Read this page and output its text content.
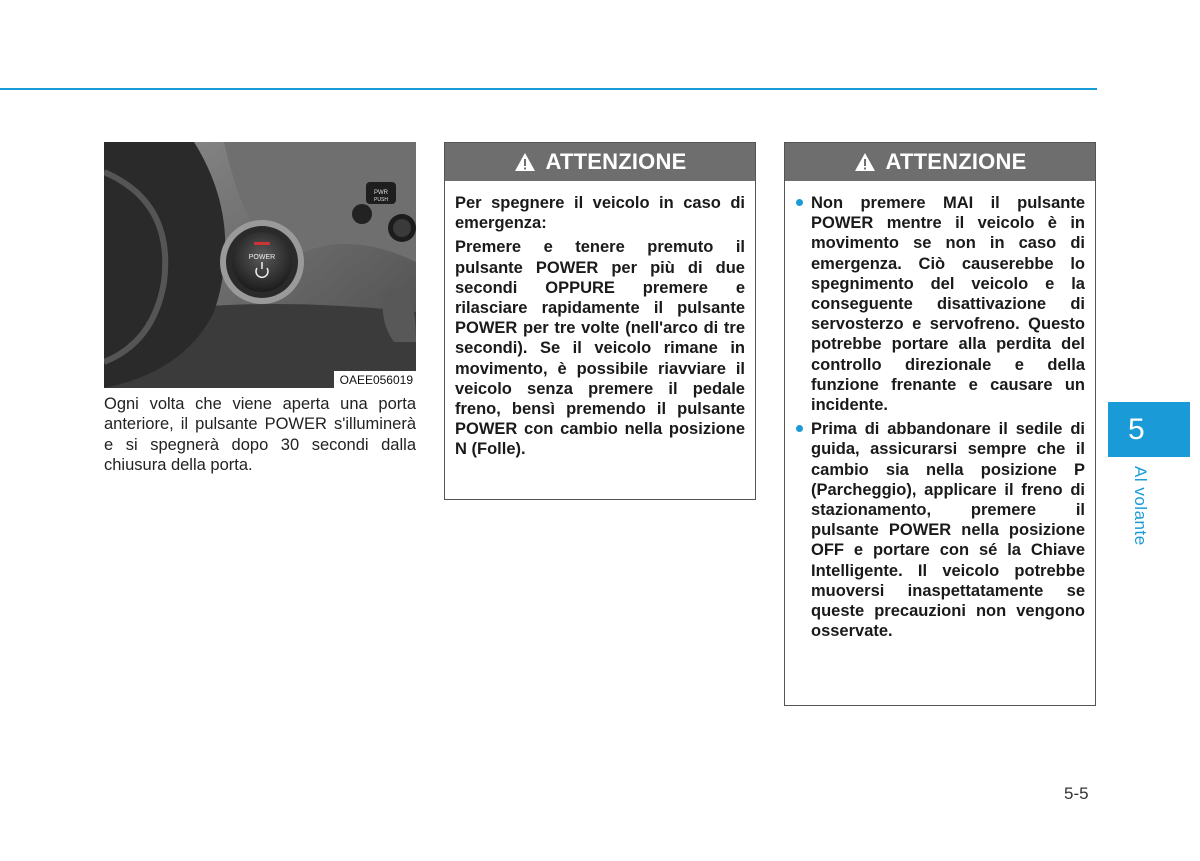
PWR
PUSH
POWER
OAEE056019
Ogni volta che viene aperta una porta anteriore, il pulsante POWER s'illuminerà e si spegnerà dopo 30 secondi dalla chiusura della porta.
ATTENZIONE

Per spegnere il veicolo in caso di emergenza:

Premere e tenere premuto il pulsante POWER per più di due secondi OPPURE premere e rilasciare rapidamente il pulsante POWER per tre volte (nell'arco di tre secondi). Se il veicolo rimane in movimento, è possibile riavviare il veicolo senza premere il pedale freno, bensì premendo il pulsante POWER con cambio nella posizione N (Folle).

ATTENZIONE
Non premere MAI il pulsante POWER mentre il veicolo è in movimento se non in caso di emergenza. Ciò causerebbe lo spegnimento del veicolo e la conseguente disattivazione di servosterzo e servofreno. Questo potrebbe portare alla perdita del controllo direzionale e della funzione frenante e causare un incidente.
Prima di abbandonare il sedile di guida, assicurarsi sempre che il cambio sia nella posizione P (Parcheggio), applicare il freno di stazionamento, premere il pulsante POWER nella posizione OFF e portare con sé la Chiave Intelligente. Il veicolo potrebbe muoversi inaspettatamente se queste precauzioni non vengono osservate.
5
Al volante
5-5
